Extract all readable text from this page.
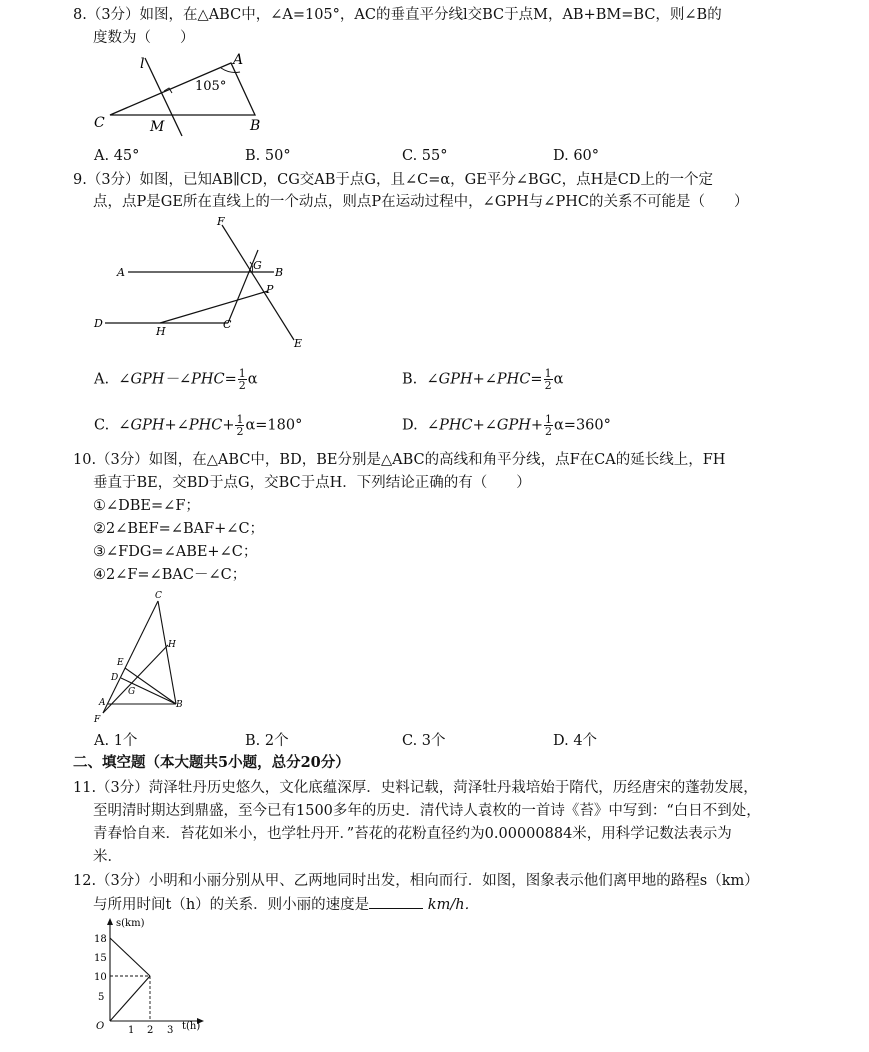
8.（3分）如图，在△ABC中，∠A=105°，AC的垂直平分线l交BC于点M，AB+BM=BC，则∠B的
度数为（　　）
l	A
105°
C	B
M
A. 45°	B. 50°	C. 55°	D. 60°
9.（3分）如图，已知AB∥CD，CG交AB于点G，且∠C=α，GE平分∠BGC，点H是CD上的一个定
点，点P是GE所在直线上的一个动点，则点P在运动过程中，∠GPH与∠PHC的关系不可能是（　　）
F
A
G
B
P
D
H
C
E
A. ∠GPH－∠PHC= $\frac{1}{2}$ α	B. ∠GPH+∠PHC= $\frac{1}{2}$ α
C. ∠GPH+∠PHC+ $\frac{1}{2} \alpha=180^\circ$	D. ∠PHC+∠GPH+ $\frac{1}{2} \alpha=360^\circ$
10.（3分）如图，在△ABC中，BD，BE分别是△ABC的高线和角平分线，点F在CA的延长线上，FH
垂直于BE，交BD于点G，交BC于点H．下列结论正确的有（　　）
①∠DBE=∠F；
②2∠BEF=∠BAF+∠C；
③∠FDG=∠ABE+∠C；
④2∠F=∠BAC－∠C；
C
H
E
D
G
A
F
B
A. 1个	B. 2个	C. 3个	D. 4个
二、填空题（本大题共5小题，总分20分）
11.（3分）菏泽牡丹历史悠久，文化底蕴深厚．史料记载，菏泽牡丹栽培始于隋代，历经唐宋的蓬勃发展，
至明清时期达到鼎盛，至今已有1500多年的历史．清代诗人袁枚的一首诗《苔》中写到：“白日不到处，
青春恰自来．苔花如米小，也学牡丹开．”苔花的花粉直径约为0.00000884米，用科学记数法表示为
米．
12.（3分）小明和小丽分别从甲、乙两地同时出发，相向而行．如图，图象表示他们离甲地的路程s（km）
与所用时间t（h）的关系．则小丽的速度是	km/h．
s(km)
t(h)
O
18
15
10
5
1 2 3
